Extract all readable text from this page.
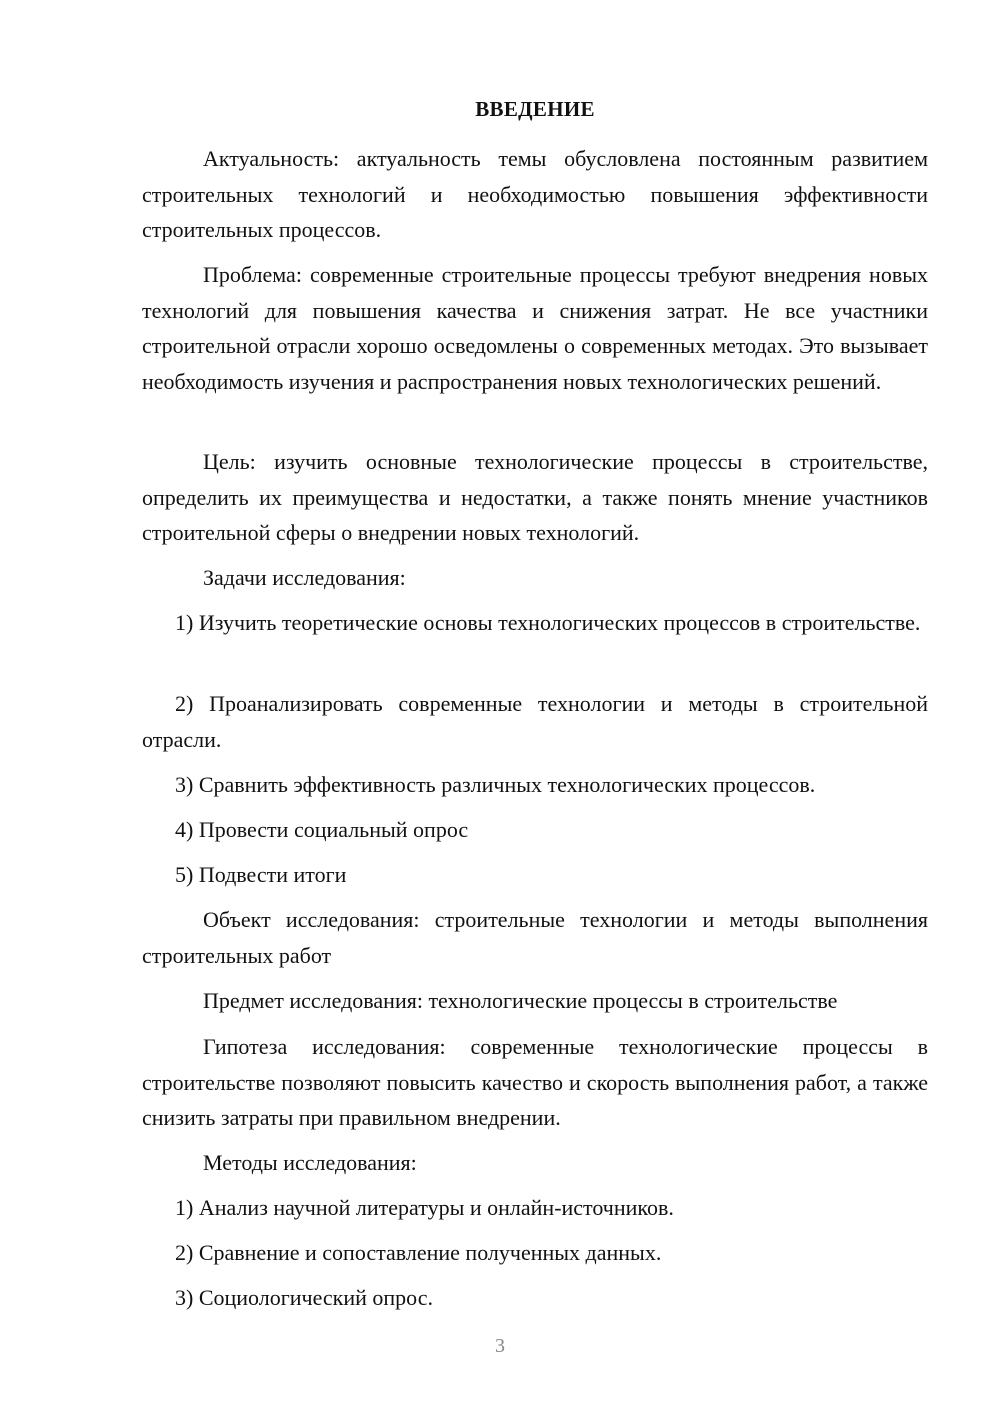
ВВЕДЕНИЕ

Актуальность: актуальность темы обусловлена постоянным развитием строительных технологий и необходимостью повышения эффективности строительных процессов.

Проблема: современные строительные процессы требуют внедрения новых технологий для повышения качества и снижения затрат. Не все участники строительной отрасли хорошо осведомлены о современных методах. Это вызывает необходимость изучения и распространения новых технологических решений.

Цель: изучить основные технологические процессы в строительстве, определить их преимущества и недостатки, а также понять мнение участников строительной сферы о внедрении новых технологий.

Задачи исследования:

1) Изучить теоретические основы технологических процессов в строительстве.

2) Проанализировать современные технологии и методы в строительной отрасли.

3) Сравнить эффективность различных технологических процессов.

4) Провести социальный опрос

5) Подвести итоги

Объект исследования: строительные технологии и методы выполнения строительных работ

Предмет исследования: технологические процессы в строительстве

Гипотеза исследования: современные технологические процессы в строительстве позволяют повысить качество и скорость выполнения работ, а также снизить затраты при правильном внедрении.

Методы исследования:

1) Анализ научной литературы и онлайн-источников.

2) Сравнение и сопоставление полученных данных.

3) Социологический опрос.

3
